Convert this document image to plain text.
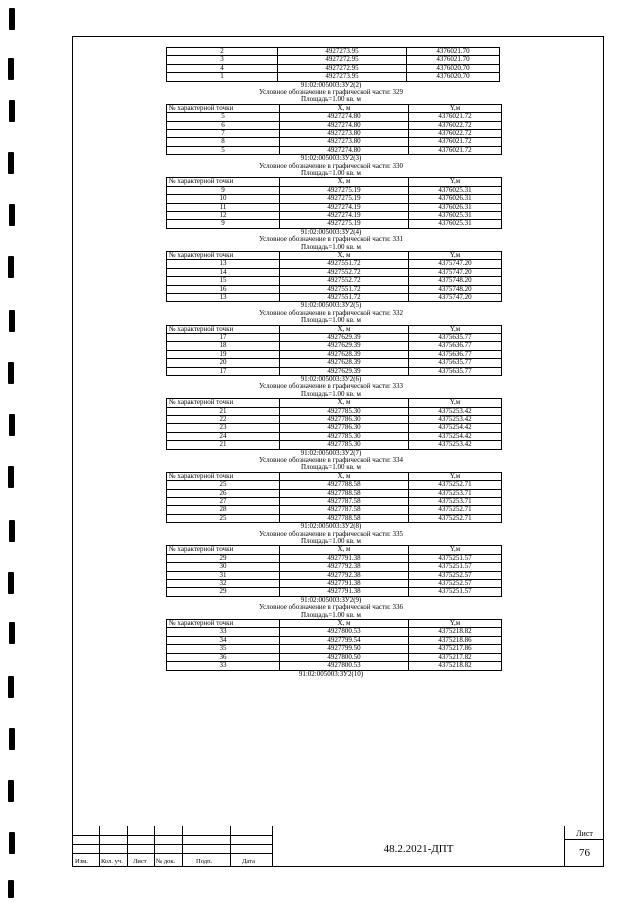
2	4927273.95	4376021.70
3	4927272.95	4376021.70
4	4927272.95	4376020.70
1	4927273.95	4376020.70
91:02:005003:ЗУ2(2)
Условное обозначение в графической части: 329
Площадь=1.00 кв. м
№ характерной точки	X, м	Y,м
5	4927274.80	4376021.72
6	4927274.80	4376022.72
7	4927273.80	4376022.72
8	4927273.80	4376021.72
5	4927274.80	4376021.72
91:02:005003:ЗУ2(3)
Условное обозначение в графической части: 330
Площадь=1.00 кв. м
№ характерной точки	X, м	Y,м
9	4927275.19	4376025.31
10	4927275.19	4376026.31
11	4927274.19	4376026.31
12	4927274.19	4376025.31
9	4927275.19	4376025.31
91:02:005003:ЗУ2(4)
Условное обозначение в графической части: 331
Площадь=1.00 кв. м
№ характерной точки	X, м	Y,м
13	4927551.72	4375747.20
14	4927552.72	4375747.20
15	4927552.72	4375748.20
16	4927551.72	4375748.20
13	4927551.72	4375747.20
91:02:005003:ЗУ2(5)
Условное обозначение в графической части: 332
Площадь=1.00 кв. м
№ характерной точки	X, м	Y,м
17	4927629.39	4375635.77
18	4927629.39	4375636.77
19	4927628.39	4375636.77
20	4927628.39	4375635.77
17	4927629.39	4375635.77
91:02:005003:ЗУ2(6)
Условное обозначение в графической части: 333
Площадь=1.00 кв. м
№ характерной точки	X, м	Y,м
21	4927785.30	4375253.42
22	4927786.30	4375253.42
23	4927786.30	4375254.42
24	4927785.30	4375254.42
21	4927785.30	4375253.42
91:02:005003:ЗУ2(7)
Условное обозначение в графической части: 334
Площадь=1.00 кв. м
№ характерной точки	X, м	Y,м
25	4927788.58	4375252.71
26	4927788.58	4375253.71
27	4927787.58	4375253.71
28	4927787.58	4375252.71
25	4927788.58	4375252.71
91:02:005003:ЗУ2(8)
Условное обозначение в графической части: 335
Площадь=1.00 кв. м
№ характерной точки	X, м	Y,м
29	4927791.38	4375251.57
30	4927792.38	4375251.57
31	4927792.38	4375252.57
32	4927791.38	4375252.57
29	4927791.38	4375251.57
91:02:005003:ЗУ2(9)
Условное обозначение в графической части: 336
Площадь=1.00 кв. м
№ характерной точки	X, м	Y,м
33	4927800.53	4375218.82
34	4927799.54	4375218.86
35	4927799.50	4375217.86
36	4927800.50	4375217.82
33	4927800.53	4375218.82
91:02:005003:ЗУ2(10)
Изм. Кол. уч. Лист № док.	Подп.	Дата
48.2.2021-ДПТ
Лист
76
